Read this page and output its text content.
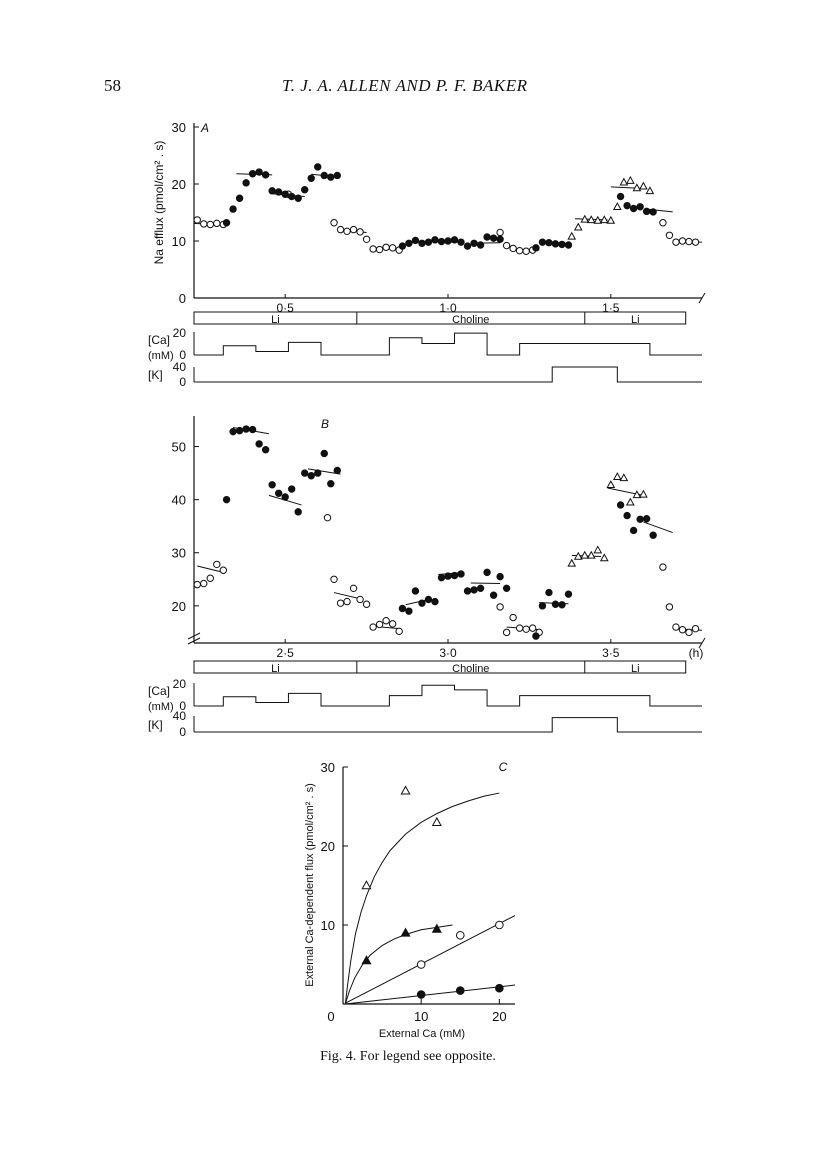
58	T. J. A. ALLEN AND P. F. BAKER
Fig. 4. For legend see opposite.
A
0
10
20
30
Na efflux (pmol/cm² . s)
0·5	1·0	1·5
Li	Choline	Li
20
0
[Ca]
(mM)
40
0
[K]
B
20
30
40
50
2·5	3·0	3·5	(h)
Li	Choline	Li
20
0
[Ca]
(mM)
40
0
[K]
C
10
20
30
0	10	20
External Ca (mM)
External Ca-dependent flux (pmol/cm² . s)
